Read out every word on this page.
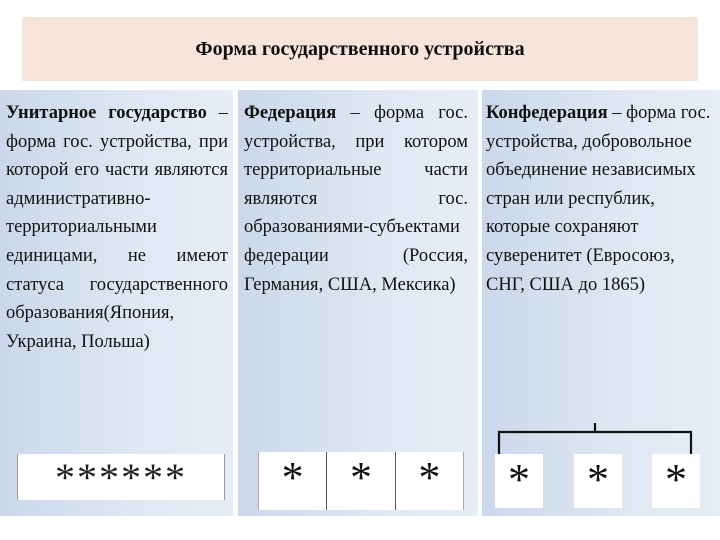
Форма государственного устройства
Унитарное государство – форма гос. устройства, при которой его части являются административно-территориальными единицами, не имеют статуса государственного образования(Япония, Украина, Польша)
Федерация – форма гос. устройства, при котором территориальные части являются гос. образованиями-субъектами федерации (Россия, Германия, США, Мексика)
Конфедерация – форма гос. устройства, добровольное объединение независимых стран или республик, которые сохраняют суверенитет (Евросоюз, СНГ, США до 1865)
******	*	*	*	* * *
